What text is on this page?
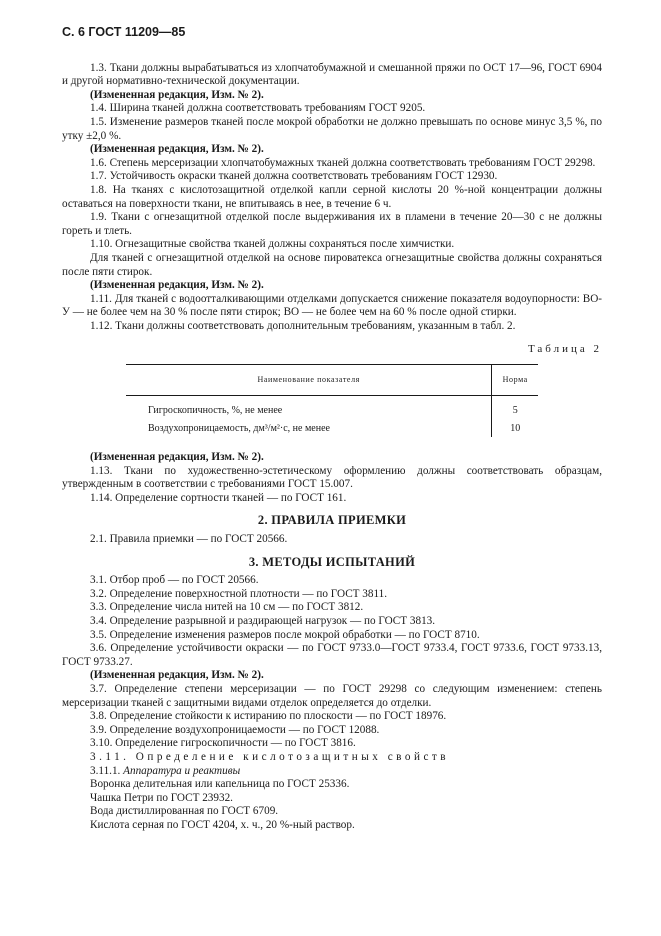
С. 6 ГОСТ 11209—85

1.3. Ткани должны вырабатываться из хлопчатобумажной и смешанной пряжи по ОСТ 17—96, ГОСТ 6904 и другой нормативно-технической документации.

(Измененная редакция, Изм. № 2).

1.4. Ширина тканей должна соответствовать требованиям ГОСТ 9205.

1.5. Изменение размеров тканей после мокрой обработки не должно превышать по основе минус 3,5 %, по утку ±2,0 %.

(Измененная редакция, Изм. № 2).

1.6. Степень мерсеризации хлопчатобумажных тканей должна соответствовать требованиям ГОСТ 29298.

1.7. Устойчивость окраски тканей должна соответствовать требованиям ГОСТ 12930.

1.8. На тканях с кислотозащитной отделкой капли серной кислоты 20 %-ной концентрации должны оставаться на поверхности ткани, не впитываясь в нее, в течение 6 ч.

1.9. Ткани с огнезащитной отделкой после выдерживания их в пламени в течение 20—30 с не должны гореть и тлеть.

1.10. Огнезащитные свойства тканей должны сохраняться после химчистки.

Для тканей с огнезащитной отделкой на основе пироватекса огнезащитные свойства должны сохраняться после пяти стирок.

(Измененная редакция, Изм. № 2).

1.11. Для тканей с водоотталкивающими отделками допускается снижение показателя водоупорности: ВО-У — не более чем на 30 % после пяти стирок; ВО — не более чем на 60 % после одной стирки.

1.12. Ткани должны соответствовать дополнительным требованиям, указанным в табл. 2.

Таблица 2
Наименование показателя	Норма

Гигроскопичность, %, не менее	5
Воздухопроницаемость, дм³/м²·с, не менее	10

(Измененная редакция, Изм. № 2).

1.13. Ткани по художественно-эстетическому оформлению должны соответствовать образцам, утвержденным в соответствии с требованиями ГОСТ 15.007.

1.14. Определение сортности тканей — по ГОСТ 161.

2. ПРАВИЛА ПРИЕМКИ

2.1. Правила приемки — по ГОСТ 20566.

3. МЕТОДЫ ИСПЫТАНИЙ

3.1. Отбор проб — по ГОСТ 20566.

3.2. Определение поверхностной плотности — по ГОСТ 3811.

3.3. Определение числа нитей на 10 см — по ГОСТ 3812.

3.4. Определение разрывной и раздирающей нагрузок — по ГОСТ 3813.

3.5. Определение изменения размеров после мокрой обработки — по ГОСТ 8710.

3.6. Определение устойчивости окраски — по ГОСТ 9733.0—ГОСТ 9733.4, ГОСТ 9733.6, ГОСТ 9733.13, ГОСТ 9733.27.

(Измененная редакция, Изм. № 2).

3.7. Определение степени мерсеризации — по ГОСТ 29298 со следующим изменением: степень мерсеризации тканей с защитными видами отделок определяется до отделки.

3.8. Определение стойкости к истиранию по плоскости — по ГОСТ 18976.

3.9. Определение воздухопроницаемости — по ГОСТ 12088.

3.10. Определение гигроскопичности — по ГОСТ 3816.

3.11. Определение кислотозащитных свойств

3.11.1. Аппаратура и реактивы

Воронка делительная или капельница по ГОСТ 25336.

Чашка Петри по ГОСТ 23932.

Вода дистиллированная по ГОСТ 6709.

Кислота серная по ГОСТ 4204, х. ч., 20 %-ный раствор.
